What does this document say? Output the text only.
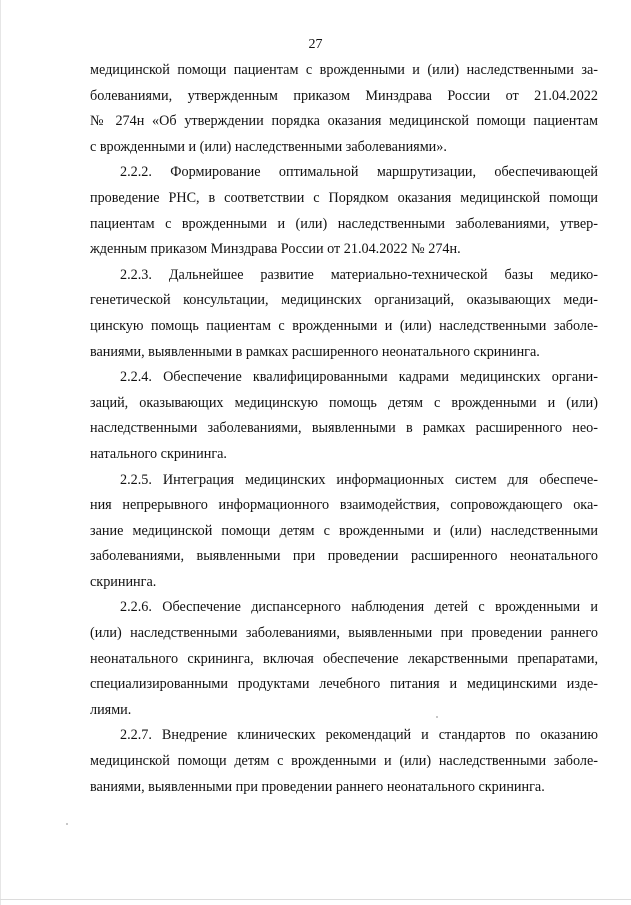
27

медицинской помощи пациентам с врожденными и (или) наследственными за-
болеваниями, утвержденным приказом Минздрава России от 21.04.2022
№ 274н «Об утверждении порядка оказания медицинской помощи пациентам
с врожденными и (или) наследственными заболеваниями».

2.2.2. Формирование оптимальной маршрутизации, обеспечивающей
проведение РНС, в соответствии с Порядком оказания медицинской помощи
пациентам с врожденными и (или) наследственными заболеваниями, утвер-
жденным приказом Минздрава России от 21.04.2022 № 274н.

2.2.3. Дальнейшее развитие материально-технической базы медико-
генетической консультации, медицинских организаций, оказывающих меди-
цинскую помощь пациентам с врожденными и (или) наследственными заболе-
ваниями, выявленными в рамках расширенного неонатального скрининга.

2.2.4. Обеспечение квалифицированными кадрами медицинских органи-
заций, оказывающих медицинскую помощь детям с врожденными и (или)
наследственными заболеваниями, выявленными в рамках расширенного нео-
натального скрининга.

2.2.5. Интеграция медицинских информационных систем для обеспече-
ния непрерывного информационного взаимодействия, сопровождающего ока-
зание медицинской помощи детям с врожденными и (или) наследственными
заболеваниями, выявленными при проведении расширенного неонатального
скрининга.

2.2.6. Обеспечение диспансерного наблюдения детей с врожденными и
(или) наследственными заболеваниями, выявленными при проведении раннего
неонатального скрининга, включая обеспечение лекарственными препаратами,
специализированными продуктами лечебного питания и медицинскими изде-
лиями.

2.2.7. Внедрение клинических рекомендаций и стандартов по оказанию
медицинской помощи детям с врожденными и (или) наследственными заболе-
ваниями, выявленными при проведении раннего неонатального скрининга.
